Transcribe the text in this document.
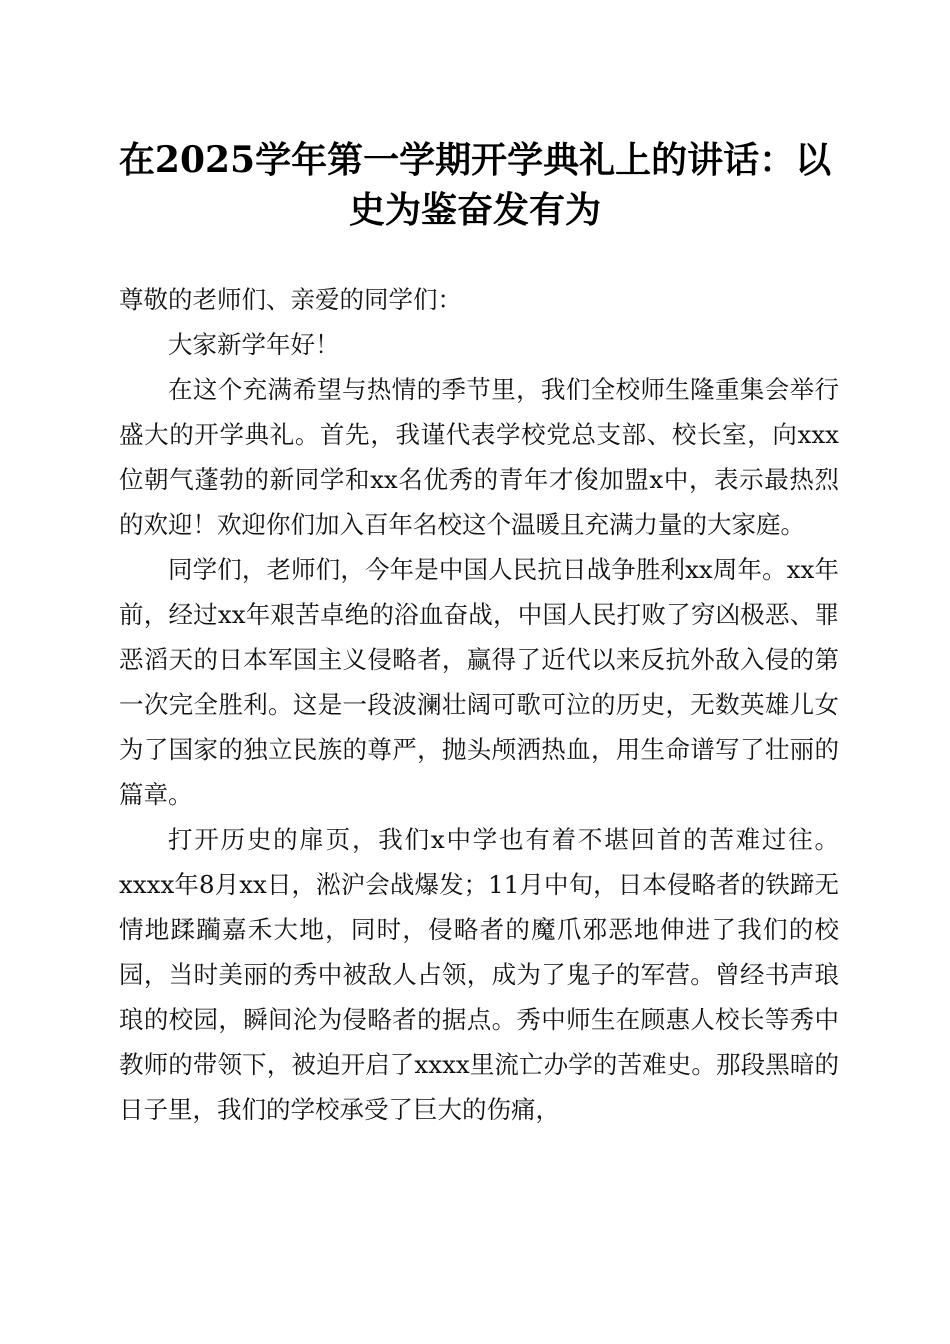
在2025学年第一学期开学典礼上的讲话：以史为鉴奋发有为

尊敬的老师们、亲爱的同学们：

大家新学年好！

在这个充满希望与热情的季节里，我们全校师生隆重集会举行盛大的开学典礼。首先，我谨代表学校党总支部、校长室，向xxx位朝气蓬勃的新同学和xx名优秀的青年才俊加盟x中，表示最热烈的欢迎！欢迎你们加入百年名校这个温暖且充满力量的大家庭。

同学们，老师们，今年是中国人民抗日战争胜利xx周年。xx年前，经过xx年艰苦卓绝的浴血奋战，中国人民打败了穷凶极恶、罪恶滔天的日本军国主义侵略者，赢得了近代以来反抗外敌入侵的第一次完全胜利。这是一段波澜壮阔可歌可泣的历史，无数英雄儿女为了国家的独立民族的尊严，抛头颅洒热血，用生命谱写了壮丽的篇章。

打开历史的扉页，我们x中学也有着不堪回首的苦难过往。xxxx年8月xx日，淞沪会战爆发；11月中旬，日本侵略者的铁蹄无情地蹂躏嘉禾大地，同时，侵略者的魔爪邪恶地伸进了我们的校园，当时美丽的秀中被敌人占领，成为了鬼子的军营。曾经书声琅琅的校园，瞬间沦为侵略者的据点。秀中师生在顾惠人校长等秀中教师的带领下，被迫开启了xxxx里流亡办学的苦难史。那段黑暗的日子里，我们的学校承受了巨大的伤痛，
